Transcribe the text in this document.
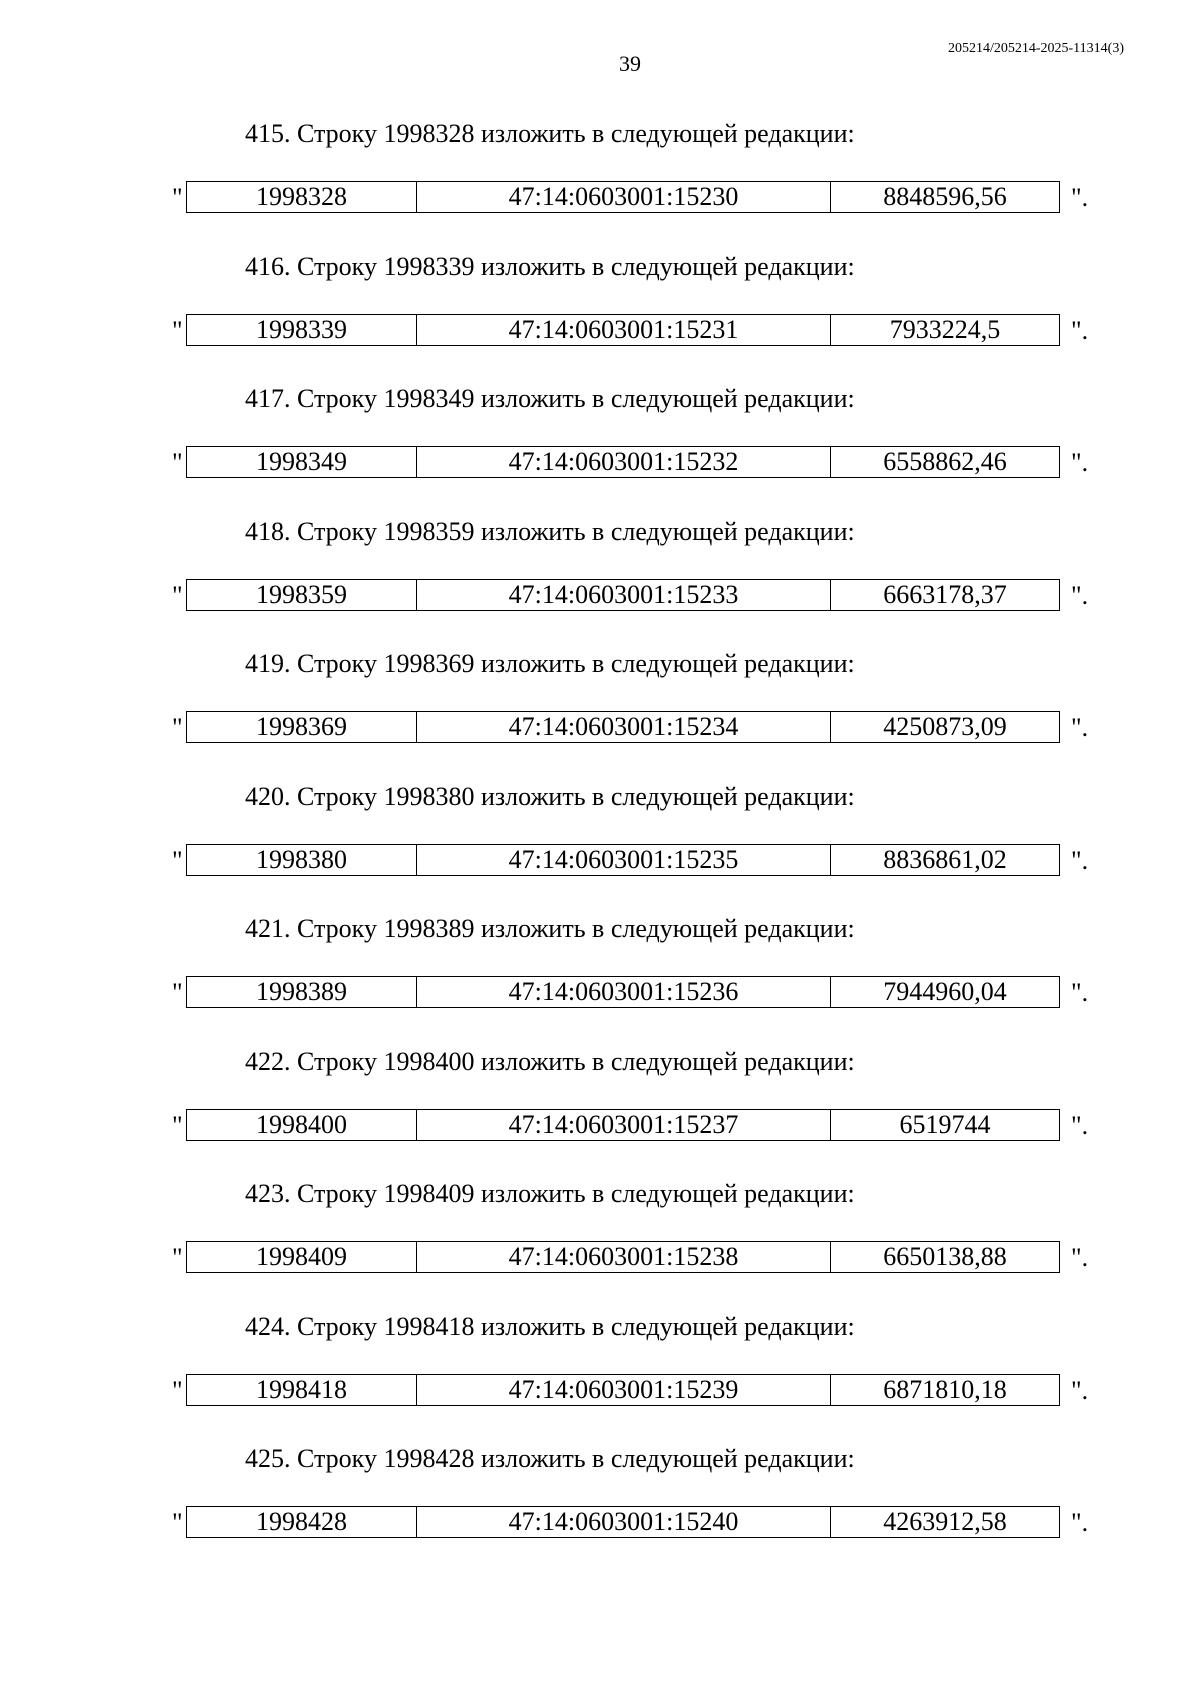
39
205214/205214-2025-11314(3)
415. Строку 1998328 изложить в следующей редакции:
"	1998328	47:14:0603001:15230	8848596,56	".
416. Строку 1998339 изложить в следующей редакции:
"	1998339	47:14:0603001:15231	7933224,5	".
417. Строку 1998349 изложить в следующей редакции:
"	1998349	47:14:0603001:15232	6558862,46	".
418. Строку 1998359 изложить в следующей редакции:
"	1998359	47:14:0603001:15233	6663178,37	".
419. Строку 1998369 изложить в следующей редакции:
"	1998369	47:14:0603001:15234	4250873,09	".
420. Строку 1998380 изложить в следующей редакции:
"	1998380	47:14:0603001:15235	8836861,02	".
421. Строку 1998389 изложить в следующей редакции:
"	1998389	47:14:0603001:15236	7944960,04	".
422. Строку 1998400 изложить в следующей редакции:
"	1998400	47:14:0603001:15237	6519744	".
423. Строку 1998409 изложить в следующей редакции:
"	1998409	47:14:0603001:15238	6650138,88	".
424. Строку 1998418 изложить в следующей редакции:
"	1998418	47:14:0603001:15239	6871810,18	".
425. Строку 1998428 изложить в следующей редакции:
"	1998428	47:14:0603001:15240	4263912,58	".
